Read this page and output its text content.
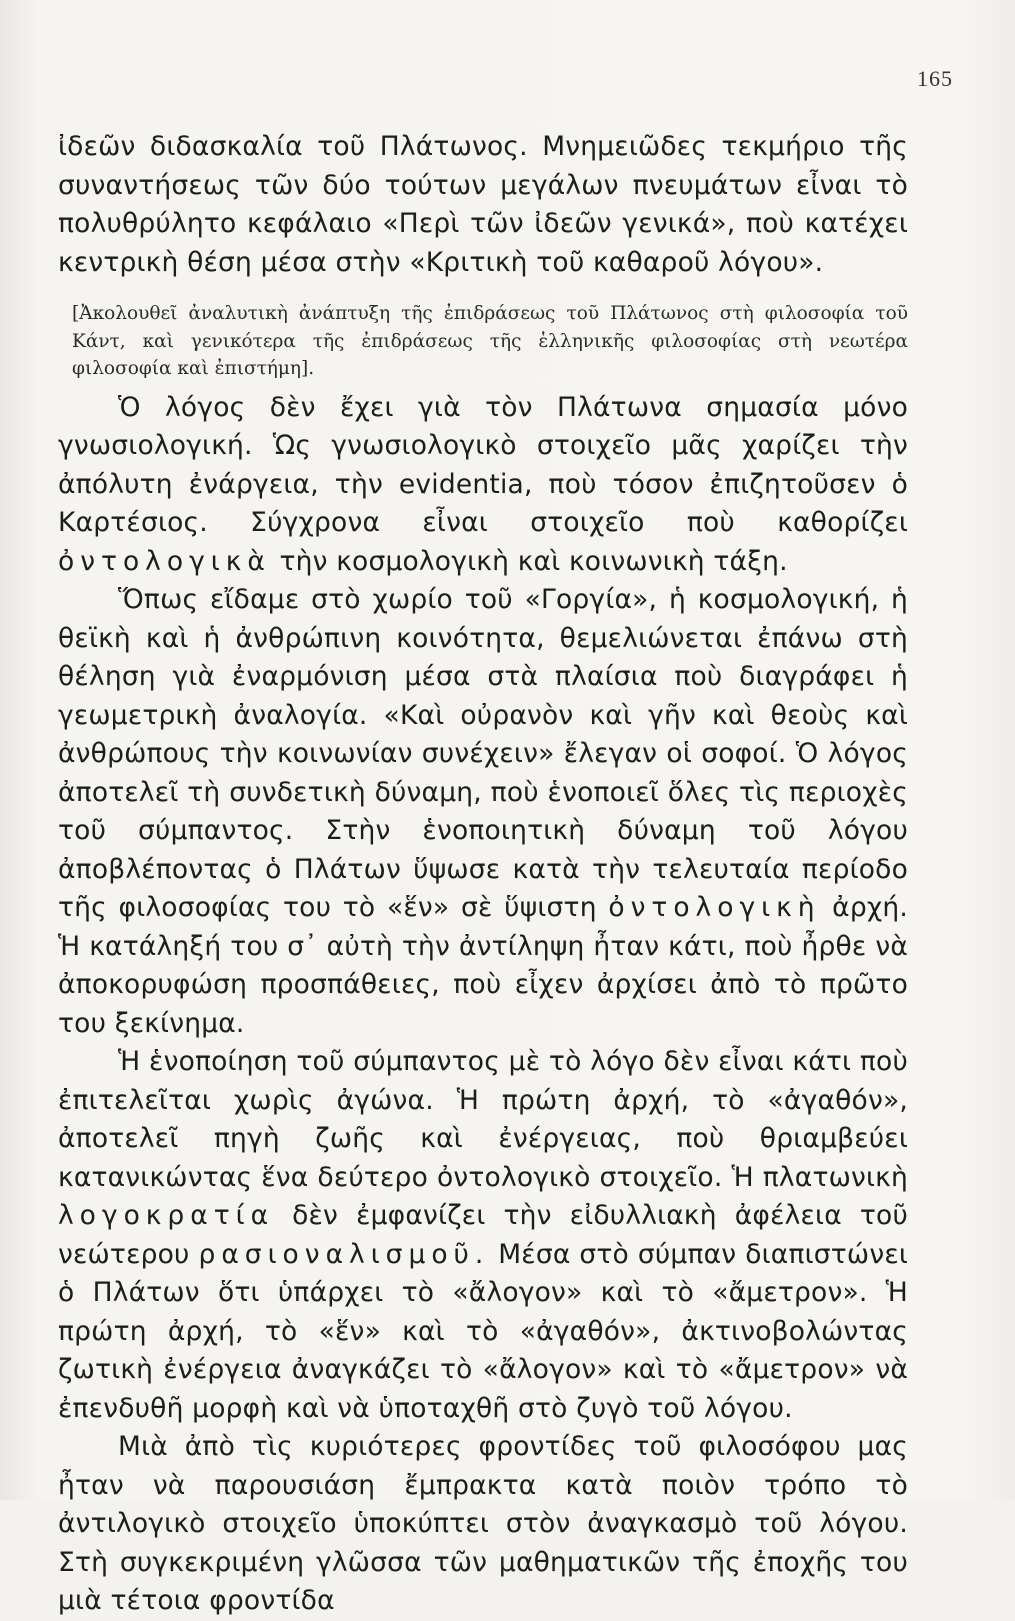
165

ἰδεῶν διδασκαλία τοῦ Πλάτωνος. Μνημειῶδες τεκμήριο τῆς συναντήσεως τῶν δύο τούτων μεγάλων πνευμάτων εἶναι τὸ πολυθρύλητο κεφάλαιο «Περὶ τῶν ἰδεῶν γενικά», ποὺ κατέχει κεντρικὴ θέση μέσα στὴν «Κριτικὴ τοῦ καθαροῦ λόγου».

[Ἀκολουθεῖ ἀναλυτικὴ ἀνάπτυξη τῆς ἐπιδράσεως τοῦ Πλάτωνος στὴ φιλοσοφία τοῦ Κάντ, καὶ γενικότερα τῆς ἐπιδράσεως τῆς ἑλληνικῆς φιλοσοφίας στὴ νεωτέρα φιλοσοφία καὶ ἐπιστήμη].

Ὁ λόγος δὲν ἔχει γιὰ τὸν Πλάτωνα σημασία μόνο γνωσιολογική. Ὡς γνωσιολογικὸ στοιχεῖο μᾶς χαρίζει τὴν ἀπόλυτη ἐνάργεια, τὴν evidentia, ποὺ τόσον ἐπιζητοῦσεν ὁ Καρτέσιος. Σύγχρονα εἶναι στοιχεῖο ποὺ καθορίζει ὀντολογικὰ τὴν κοσμολογικὴ καὶ κοινωνικὴ τάξη.

Ὅπως εἴδαμε στὸ χωρίο τοῦ «Γοργία», ἡ κοσμολογική, ἡ θεϊκὴ καὶ ἡ ἀνθρώπινη κοινότητα, θεμελιώνεται ἐπάνω στὴ θέληση γιὰ ἐναρμόνιση μέσα στὰ πλαίσια ποὺ διαγράφει ἡ γεωμετρικὴ ἀναλογία. «Καὶ οὐρανὸν καὶ γῆν καὶ θεοὺς καὶ ἀνθρώπους τὴν κοινωνίαν συνέχειν» ἔλεγαν οἱ σοφοί. Ὁ λόγος ἀποτελεῖ τὴ συνδετικὴ δύναμη, ποὺ ἑνοποιεῖ ὅλες τὶς περιοχὲς τοῦ σύμπαντος. Στὴν ἑνοποιητικὴ δύναμη τοῦ λόγου ἀποβλέποντας ὁ Πλάτων ὕψωσε κατὰ τὴν τελευταία περίοδο τῆς φιλοσοφίας του τὸ «ἕν» σὲ ὕψιστη ὀντολογικὴ ἀρχή. Ἡ κατάληξή του σ᾽ αὐτὴ τὴν ἀντίληψη ἦταν κάτι, ποὺ ἦρθε νὰ ἀποκορυφώση προσπάθειες, ποὺ εἶχεν ἀρχίσει ἀπὸ τὸ πρῶτο του ξεκίνημα.

Ἡ ἑνοποίηση τοῦ σύμπαντος μὲ τὸ λόγο δὲν εἶναι κάτι ποὺ ἐπιτελεῖται χωρὶς ἀγώνα. Ἡ πρώτη ἀρχή, τὸ «ἀγαθόν», ἀποτελεῖ πηγὴ ζωῆς καὶ ἐνέργειας, ποὺ θριαμβεύει κατανικώντας ἕνα δεύτερο ὀντολογικὸ στοιχεῖο. Ἡ πλατωνικὴ λογοκρατία δὲν ἐμφανίζει τὴν εἰδυλλιακὴ ἀφέλεια τοῦ νεώτερου ρασιοναλισμοῦ. Μέσα στὸ σύμπαν διαπιστώνει ὁ Πλάτων ὅτι ὑπάρχει τὸ «ἄλογον» καὶ τὸ «ἄμετρον». Ἡ πρώτη ἀρχή, τὸ «ἕν» καὶ τὸ «ἀγαθόν», ἀκτινοβολώντας ζωτικὴ ἐνέργεια ἀναγκάζει τὸ «ἄλογον» καὶ τὸ «ἄμετρον» νὰ ἐπενδυθῆ μορφὴ καὶ νὰ ὑποταχθῆ στὸ ζυγὸ τοῦ λόγου.

Μιὰ ἀπὸ τὶς κυριότερες φροντίδες τοῦ φιλοσόφου μας ἦταν νὰ παρουσιάση ἔμπρακτα κατὰ ποιὸν τρόπο τὸ ἀντιλογικὸ στοιχεῖο ὑποκύπτει στὸν ἀναγκασμὸ τοῦ λόγου. Στὴ συγκεκριμένη γλῶσσα τῶν μαθηματικῶν τῆς ἐποχῆς του μιὰ τέτοια φροντίδα
